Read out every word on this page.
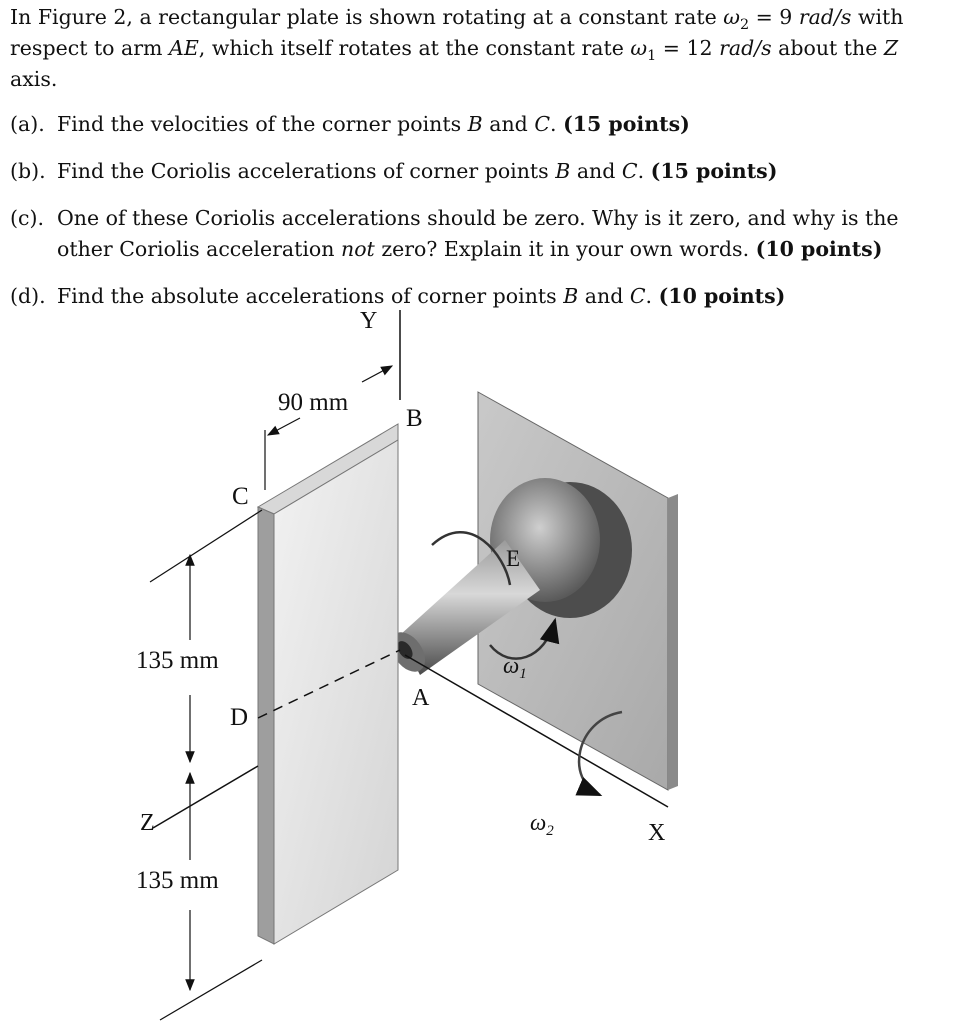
In Figure 2, a rectangular plate is shown rotating at a constant rate $\omega_2 = 9$ rad/s with respect to arm AE, which itself rotates at the constant rate $\omega_1 = 12$ rad/s about the Z axis.

(a). Find the velocities of the corner points B and C. (15 points)
(b). Find the Coriolis accelerations of corner points B and C. (15 points)
(c). One of these Coriolis accelerations should be zero. Why is it zero, and why is the other Coriolis acceleration not zero? Explain it in your own words. (10 points)
(d). Find the absolute accelerations of corner points B and C. (10 points)
Y
90 mm
B
C
E
135 mm
A
D
$\omega_1$
Z	$\omega_2$	X
135 mm
